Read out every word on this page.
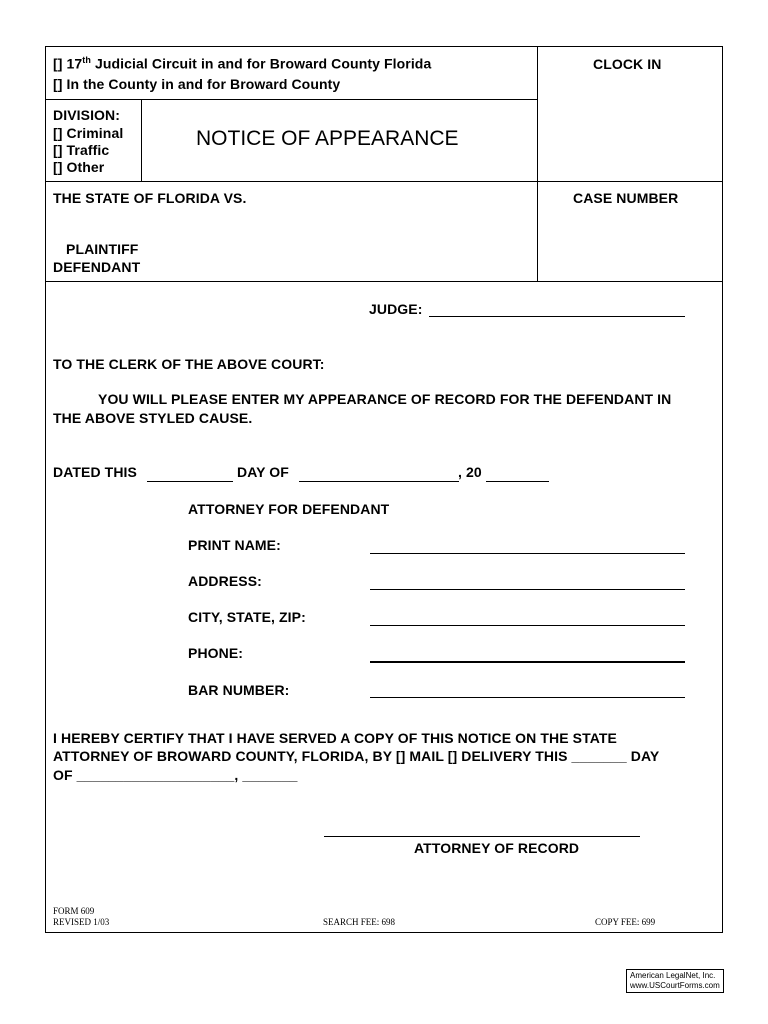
[] 17th Judicial Circuit in and for Broward County Florida
[] In the County in and for Broward County
CLOCK IN
DIVISION:
[] Criminal
[] Traffic
[] Other
NOTICE OF APPEARANCE
THE STATE OF FLORIDA VS.	CASE NUMBER
PLAINTIFF
DEFENDANT
JUDGE:
TO THE CLERK OF THE ABOVE COURT:
YOU WILL PLEASE ENTER MY APPEARANCE OF RECORD FOR THE DEFENDANT IN
THE ABOVE STYLED CAUSE.
DATED THIS	DAY OF	, 20
ATTORNEY FOR DEFENDANT
PRINT NAME:
ADDRESS:
CITY, STATE, ZIP:
PHONE:
BAR NUMBER:
I HEREBY CERTIFY THAT I HAVE SERVED A COPY OF THIS NOTICE ON THE STATE
ATTORNEY OF BROWARD COUNTY, FLORIDA, BY [] MAIL [] DELIVERY THIS _______ DAY
OF ____________________, _______
ATTORNEY OF RECORD
FORM 609
REVISED 1/03	SEARCH FEE: 698	COPY FEE: 699
American LegalNet, Inc.
www.USCourtForms.com
